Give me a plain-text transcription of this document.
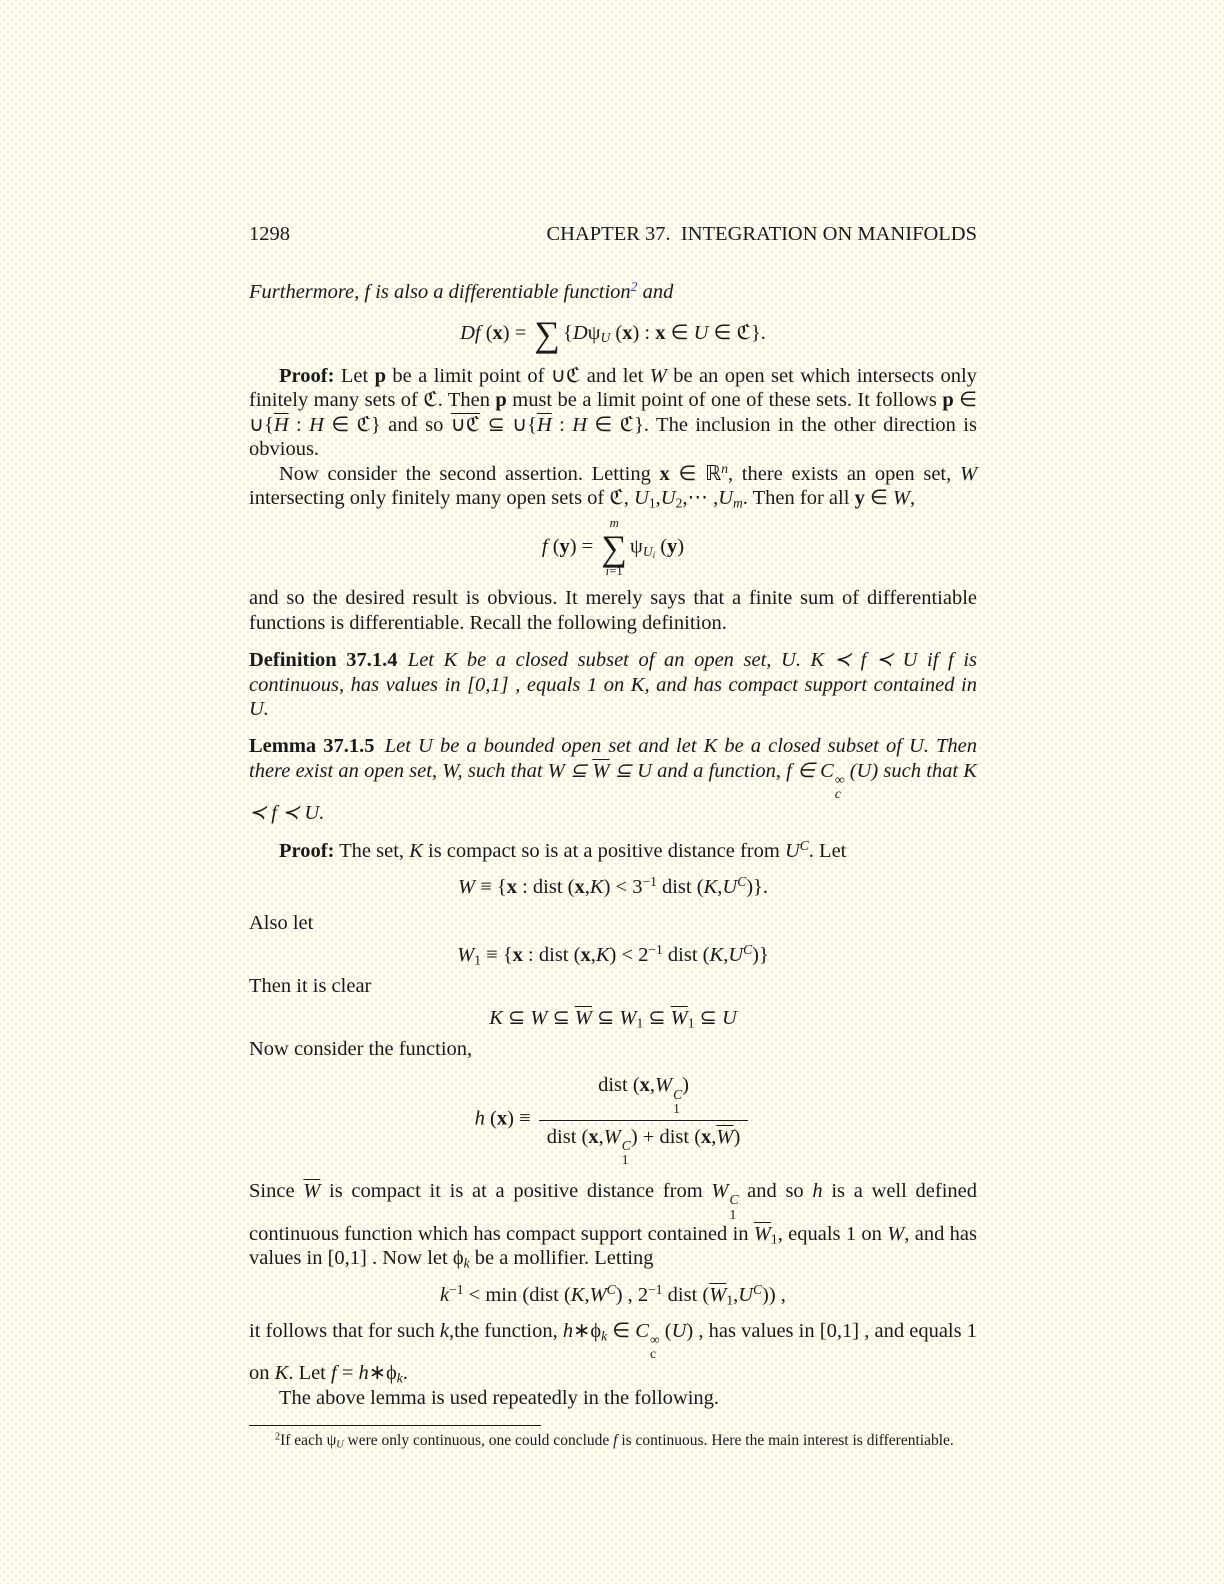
1298	CHAPTER 37. INTEGRATION ON MANIFOLDS

Furthermore, f is also a differentiable function$^2$ and

Df (x) = ∑ {$D\psi_U$ (x) : x ∈ U ∈ ℭ}.

Proof: Let p be a limit point of ∪ℭ and let W be an open set which intersects only finitely many sets of ℭ. Then p must be a limit point of one of these sets. It follows p ∈ $\cup\{\overline{H}$ : H ∈ ℭ} and so ∪ℭ ⊆ $\cup\{\overline{H}$ : H ∈ ℭ}. The inclusion in the other direction is obvious.

Now consider the second assertion. Letting x ∈ ℝ$^n$, there exists an open set, W intersecting only finitely many open sets of ℭ, $U_1,U_2,\cdots$ $,U_m$. Then for all y ∈ W,

f (y) =
m
∑
i=1
$\psi_{U_i}$ (y)

and so the desired result is obvious. It merely says that a finite sum of differentiable functions is differentiable. Recall the following definition.

Definition 37.1.4  Let K be a closed subset of an open set, U. K ≺ f ≺ U if f is continuous, has values in [0,1] , equals 1 on K, and has compact support contained in U.

Lemma 37.1.5  Let U be a bounded open set and let K be a closed subset of U. Then there exist an open set, W, such that W ⊆ $\overline{W}$ ⊆ U and a function, f ∈ C ∞
c
(U) such that K ≺ f ≺ U.

Proof: The set, K is compact so is at a positive distance from $U^C$. Let

W ≡ {x : dist $(x,K) < 3^{-1}$ dist $(K,U^C)$}.

Also let

$W_1 \equiv \{x$ : dist $(x,K) < 2^{-1}$ dist $(K,U^C)$}

Then it is clear

K ⊆ W ⊆ $\overline{W}$ ⊆ $W_1$ ⊆ $\overline{W}_1$ ⊆ U

Now consider the function,

h (x) ≡ dist (x,W C
1
)
dist (x,W C
1
) + dist $(x,\overline{W})$

Since $\overline{W}$ is compact it is at a positive distance from W C
1
and so h is a well defined continuous function which has compact support contained in $\overline{W}_1$, equals 1 on W, and has values in [0,1] . Now let $\phi_k$ be a mollifier. Letting

$k^{-1} < \min$ (dist $(K,W^C)$ , $2^{-1}$ dist $(\overline{W}_1,U^C)$) ,

it follows that for such k,the function, $h∗\phi_k$ ∈ C ∞
c
(U) , has values in [0,1] , and equals 1 on K. Let $f = h∗\phi_k$.

The above lemma is used repeatedly in the following.

$^2$If each $\psi_U$ were only continuous, one could conclude f is continuous. Here the main interest is differentiable.
